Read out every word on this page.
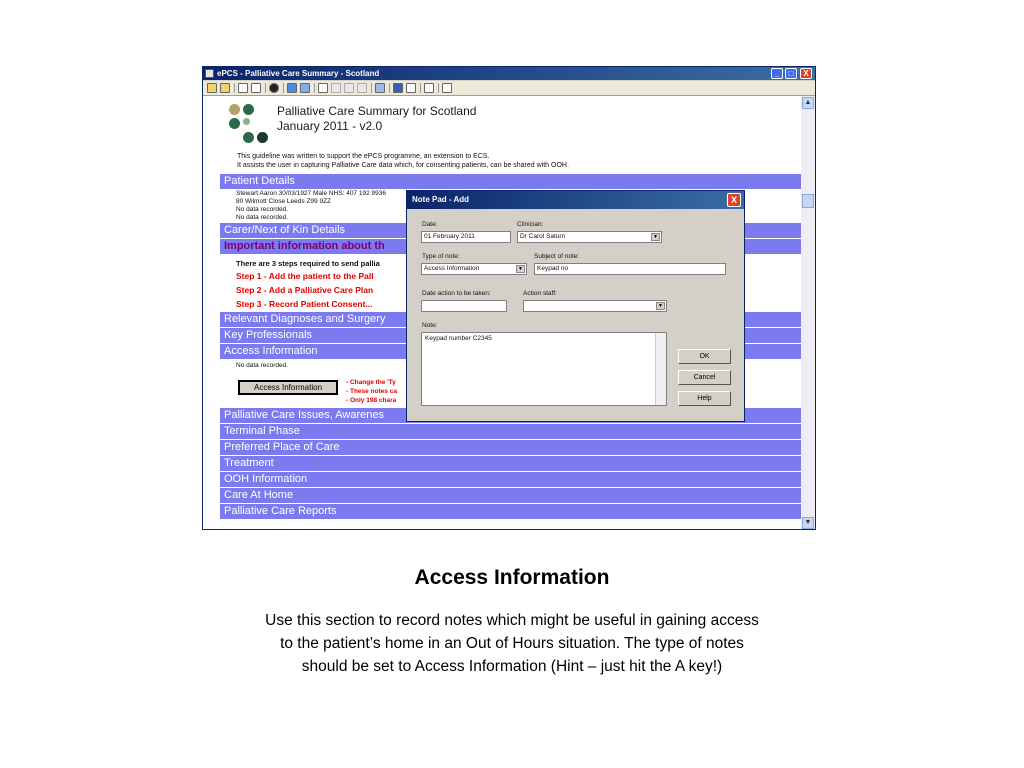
ePCS - Palliative Care Summary - Scotland	_	□	X
Palliative Care Summary for Scotland
January 2011 - v2.0
This guideline was written to support the ePCS programme, an extension to ECS.
It assists the user in capturing Palliative Care data which, for consenting patients, can be shared with OOH.
Patient Details
Stewart Aaron 30/03/1927 Male NHS: 407 192 9936
80 Wilmott Close Leeds Z99 9ZZ
No data recorded.
No data recorded.
Carer/Next of Kin Details
Important information about th
There are 3 steps required to send pallia
Step 1 - Add the patient to the Pall
Step 2 - Add a Palliative Care Plan
Step 3 - Record Patient Consent...
Relevant Diagnoses and Surgery
Key Professionals
Access Information
No data recorded.
Access Information
- Change the 'Ty
- These notes ca
- Only 198 chara
Palliative Care Issues, Awarenes
Terminal Phase
Preferred Place of Care
Treatment
OOH Information
Care At Home
Palliative Care Reports
▲
▼
Note Pad - Add	X
Date:
01 February 2011
Clinician:
Dr Carol Saturn	▼
Type of note:
Access Information	▼
Subject of note:
Keypad no
Date action to be taken:	Action staff:
▼
Note:
Keypad number C2345
OK
Cancel
Help
Access Information
Use this section to record notes which might be useful in gaining access
to the patient’s home in an Out of Hours situation. The type of notes
should be set to Access Information (Hint – just hit the A key!)
